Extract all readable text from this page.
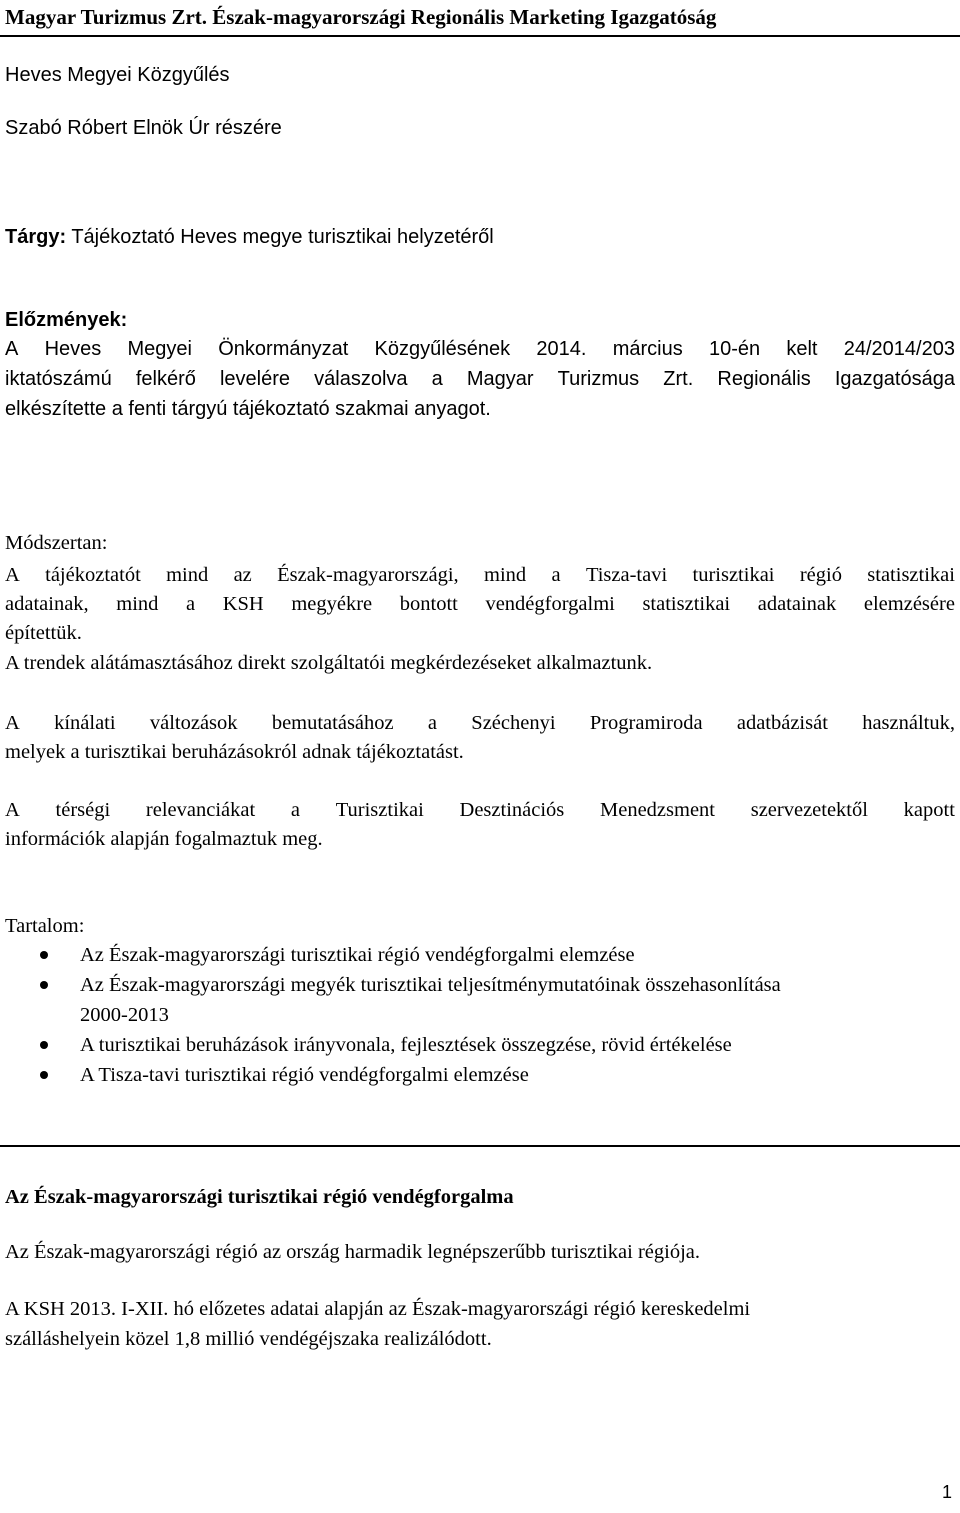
Magyar Turizmus Zrt. Észak-magyarországi Regionális Marketing Igazgatóság
Heves Megyei Közgyűlés
Szabó Róbert Elnök Úr részére
Tárgy: Tájékoztató Heves megye turisztikai helyzetéről
Előzmények:
A Heves Megyei Önkormányzat Közgyűlésének 2014. március 10-én kelt 24/2014/203
iktatószámú felkérő levelére válaszolva a Magyar Turizmus Zrt. Regionális Igazgatósága
elkészítette a fenti tárgyú tájékoztató szakmai anyagot.
Módszertan:
A tájékoztatót mind az Észak-magyarországi, mind a Tisza-tavi turisztikai régió statisztikai
adatainak, mind a KSH megyékre bontott vendégforgalmi statisztikai adatainak elemzésére
építettük.
A trendek alátámasztásához direkt szolgáltatói megkérdezéseket alkalmaztunk.
A kínálati változások bemutatásához a Széchenyi Programiroda adatbázisát használtuk,
melyek a turisztikai beruházásokról adnak tájékoztatást.
A térségi relevanciákat a Turisztikai Desztinációs Menedzsment szervezetektől kapott
információk alapján fogalmaztuk meg.
Tartalom:
Az Észak-magyarországi turisztikai régió vendégforgalmi elemzése
Az Észak-magyarországi megyék turisztikai teljesítménymutatóinak összehasonlítása
2000-2013
A turisztikai beruházások irányvonala, fejlesztések összegzése, rövid értékelése
A Tisza-tavi turisztikai régió vendégforgalmi elemzése
Az Észak-magyarországi turisztikai régió vendégforgalma
Az Észak-magyarországi régió az ország harmadik legnépszerűbb turisztikai régiója.
A KSH 2013. I-XII. hó előzetes adatai alapján az Észak-magyarországi régió kereskedelmi
szálláshelyein közel 1,8 millió vendégéjszaka realizálódott.
1
